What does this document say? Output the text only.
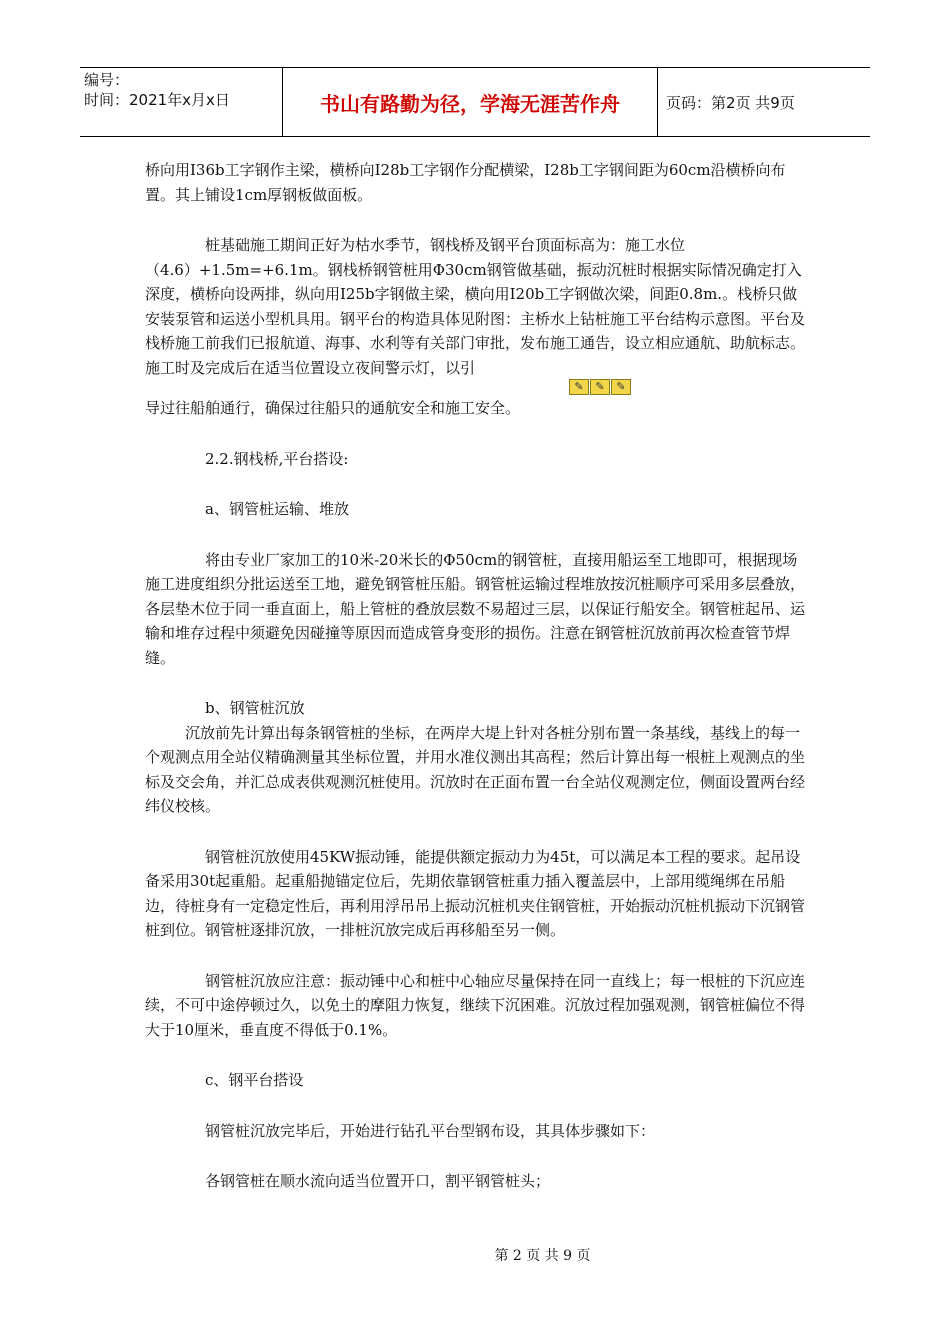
编号：
时间：2021年x月x日	书山有路勤为径，学海无涯苦作舟	页码：第2页 共9页

桥向用I36b工字钢作主梁，横桥向I28b工字钢作分配横梁，I28b工字钢间距为60cm沿横桥向布置。其上铺设1cm厚钢板做面板。

桩基础施工期间正好为枯水季节，钢栈桥及钢平台顶面标高为：施工水位（4.6）+1.5m=+6.1m。钢栈桥钢管桩用Φ30cm钢管做基础，振动沉桩时根据实际情况确定打入深度，横桥向设两排，纵向用I25b字钢做主梁，横向用I20b工字钢做次梁，间距0.8m.。栈桥只做安装泵管和运送小型机具用。钢平台的构造具体见附图：主桥水上钻桩施工平台结构示意图。平台及栈桥施工前我们已报航道、海事、水利等有关部门审批，发布施工通告，设立相应通航、助航标志。施工时及完成后在适当位置设立夜间警示灯，以引

✎	✎	✎

导过往船舶通行，确保过往船只的通航安全和施工安全。

2.2.钢栈桥,平台搭设:

a、钢管桩运输、堆放

将由专业厂家加工的10米-20米长的Φ50cm的钢管桩，直接用船运至工地即可，根据现场施工进度组织分批运送至工地，避免钢管桩压船。钢管桩运输过程堆放按沉桩顺序可采用多层叠放，各层垫木位于同一垂直面上，船上管桩的叠放层数不易超过三层，以保证行船安全。钢管桩起吊、运输和堆存过程中须避免因碰撞等原因而造成管身变形的损伤。注意在钢管桩沉放前再次检查管节焊缝。

b、钢管桩沉放

沉放前先计算出每条钢管桩的坐标，在两岸大堤上针对各桩分别布置一条基线，基线上的每一个观测点用全站仪精确测量其坐标位置，并用水准仪测出其高程；然后计算出每一根桩上观测点的坐标及交会角，并汇总成表供观测沉桩使用。沉放时在正面布置一台全站仪观测定位，侧面设置两台经纬仪校核。

钢管桩沉放使用45KW振动锤，能提供额定振动力为45t，可以满足本工程的要求。起吊设备采用30t起重船。起重船抛锚定位后，先期依靠钢管桩重力插入覆盖层中，上部用缆绳绑在吊船边，待桩身有一定稳定性后，再利用浮吊吊上振动沉桩机夹住钢管桩，开始振动沉桩机振动下沉钢管桩到位。钢管桩逐排沉放，一排桩沉放完成后再移船至另一侧。

钢管桩沉放应注意：振动锤中心和桩中心轴应尽量保持在同一直线上；每一根桩的下沉应连续，不可中途停顿过久，以免土的摩阻力恢复，继续下沉困难。沉放过程加强观测，钢管桩偏位不得大于10厘米，垂直度不得低于0.1%。

c、钢平台搭设

钢管桩沉放完毕后，开始进行钻孔平台型钢布设，其具体步骤如下：

各钢管桩在顺水流向适当位置开口，割平钢管桩头；

第 2 页 共 9 页
